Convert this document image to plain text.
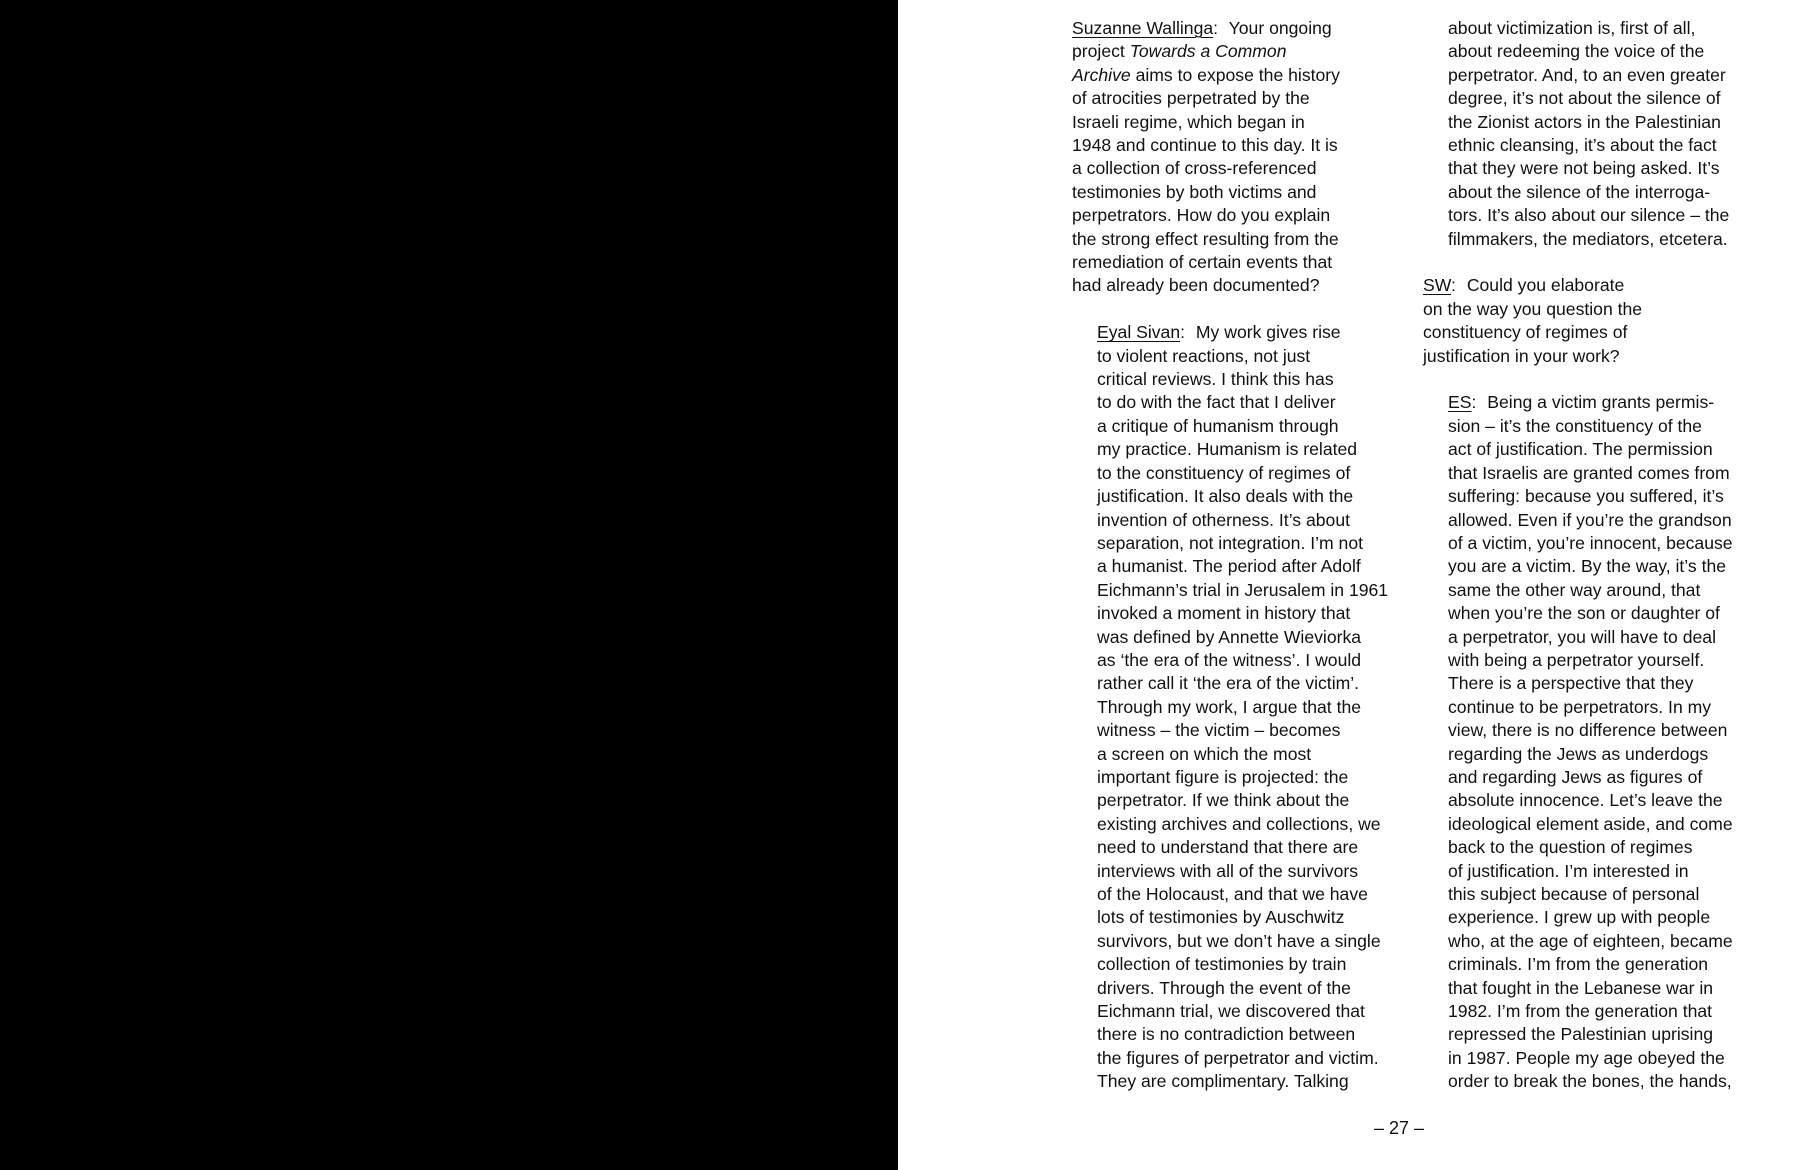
Suzanne Wallinga: Your ongoing
project Towards a Common
Archive aims to expose the history
of atrocities perpetrated by the
Israeli regime, which began in
1948 and continue to this day. It is
a collection of cross-referenced
testimonies by both victims and
perpetrators. How do you explain
the strong effect resulting from the
remediation of certain events that
had already been documented?
Eyal Sivan: My work gives rise
to violent reactions, not just
critical reviews. I think this has
to do with the fact that I deliver
a critique of humanism through
my practice. Humanism is related
to the constituency of regimes of
justification. It also deals with the
invention of otherness. It’s about
separation, not integration. I’m not
a humanist. The period after Adolf
Eichmann’s trial in Jerusalem in 1961
invoked a moment in history that
was defined by Annette Wieviorka
as ‘the era of the witness’. I would
rather call it ‘the era of the victim’.
Through my work, I argue that the
witness – the victim – becomes
a screen on which the most
important figure is projected: the
perpetrator. If we think about the
existing archives and collections, we
need to understand that there are
interviews with all of the survivors
of the Holocaust, and that we have
lots of testimonies by Auschwitz
survivors, but we don’t have a single
collection of testimonies by train
drivers. Through the event of the
Eichmann trial, we discovered that
there is no contradiction between
the figures of perpetrator and victim.
They are complimentary. Talking
about victimization is, first of all,
about redeeming the voice of the
perpetrator. And, to an even greater
degree, it’s not about the silence of
the Zionist actors in the Palestinian
ethnic cleansing, it’s about the fact
that they were not being asked. It’s
about the silence of the interroga-
tors. It’s also about our silence – the
filmmakers, the mediators, etcetera.
SW: Could you elaborate
on the way you question the
constituency of regimes of
justification in your work?
ES: Being a victim grants permis-
sion – it’s the constituency of the
act of justification. The permission
that Israelis are granted comes from
suffering: because you suffered, it’s
allowed. Even if you’re the grandson
of a victim, you’re innocent, because
you are a victim. By the way, it’s the
same the other way around, that
when you’re the son or daughter of
a perpetrator, you will have to deal
with being a perpetrator yourself.
There is a perspective that they
continue to be perpetrators. In my
view, there is no difference between
regarding the Jews as underdogs
and regarding Jews as figures of
absolute innocence. Let’s leave the
ideological element aside, and come
back to the question of regimes
of justification. I’m interested in
this subject because of personal
experience. I grew up with people
who, at the age of eighteen, became
criminals. I’m from the generation
that fought in the Lebanese war in
1982. I’m from the generation that
repressed the Palestinian uprising
in 1987. People my age obeyed the
order to break the bones, the hands,
– 27 –
